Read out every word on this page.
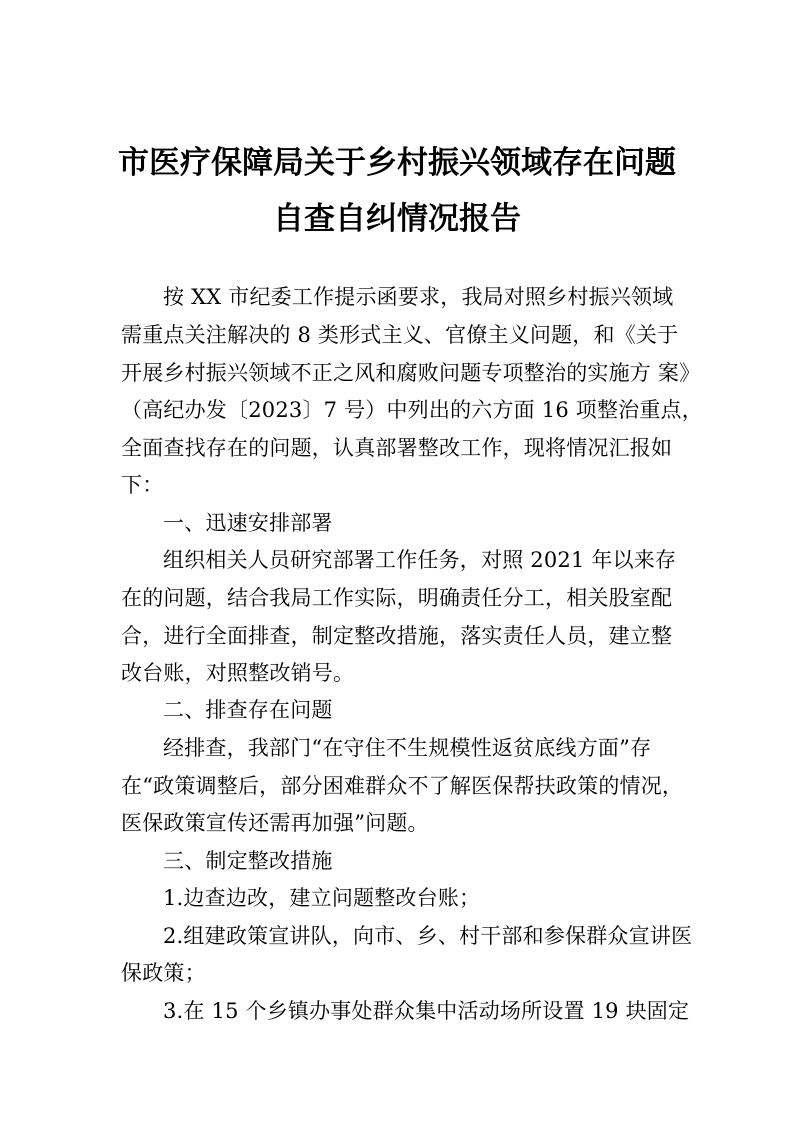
市医疗保障局关于乡村振兴领域存在问题
自查自纠情况报告
按 XX 市纪委工作提示函要求，我局对照乡村振兴领域
需重点关注解决的 8 类形式主义、官僚主义问题，和《关于
开展乡村振兴领域不正之风和腐败问题专项整治的实施方 案》
（高纪办发〔2023〕7 号）中列出的六方面 16 项整治重点，
全面查找存在的问题，认真部署整改工作，现将情况汇报如
下：
一、迅速安排部署
组织相关人员研究部署工作任务，对照 2021 年以来存
在的问题，结合我局工作实际，明确责任分工，相关股室配
合，进行全面排查，制定整改措施，落实责任人员，建立整
改台账，对照整改销号。
二、排查存在问题
经排查，我部门“在守住不生规模性返贫底线方面”存
在“政策调整后，部分困难群众不了解医保帮扶政策的情况，
医保政策宣传还需再加强”问题。
三、制定整改措施
1.边查边改，建立问题整改台账；
2.组建政策宣讲队，向市、乡、村干部和参保群众宣讲医
保政策；
3.在 15 个乡镇办事处群众集中活动场所设置 19 块固定
